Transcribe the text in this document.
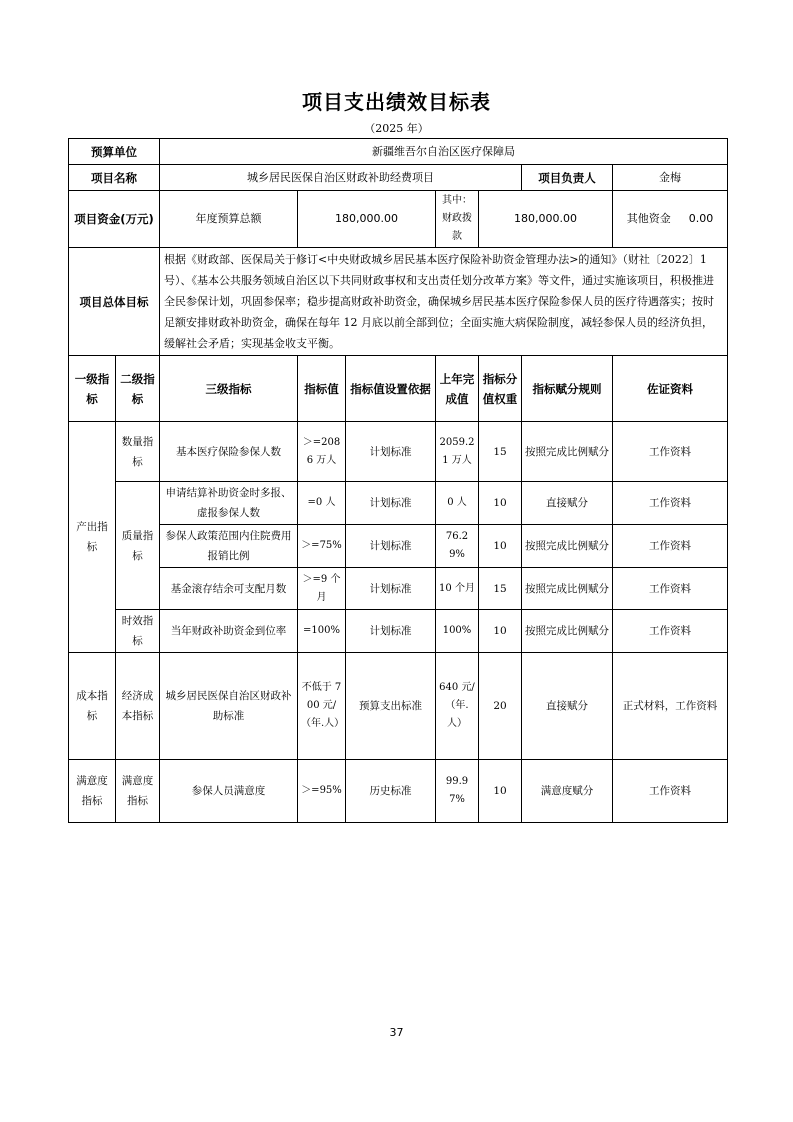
项目支出绩效目标表
（2025 年）
预算单位		新疆维吾尔自治区医疗保障局						
项目名称		城乡居民医保自治区财政补助经费项目					项目负责人	金梅
项目资金(万元)		年度预算总额	180,000.00		其中：财政拨款	180,000.00		其他资金 0.00
项目总体目标		根据《财政部、医保局关于修订<中央财政城乡居民基本医疗保险补助资金管理办法>的通知》（财社〔2022〕1 号）、《基本公共服务领域自治区以下共同财政事权和支出责任划分改革方案》等文件，通过实施该项目，积极推进全民参保计划，巩固参保率；稳步提高财政补助资金，确保城乡居民基本医疗保险参保人员的医疗待遇落实；按时足额安排财政补助资金，确保在每年 12 月底以前全部到位；全面实施大病保险制度，减轻参保人员的经济负担，缓解社会矛盾；实现基金收支平衡。						
一级指标	二级指标	三级指标	指标值	指标值设置依据	上年完成值	指标分值权重	指标赋分规则	佐证资料
产出指标	数量指标	基本医疗保险参保人数	＞=2086 万人	计划标准	2059.21 万人	15	按照完成比例赋分	工作资料
	质量指标	申请结算补助资金时多报、虚报参保人数	=0 人	计划标准	0 人	10	直接赋分	工作资料
		参保人政策范围内住院费用报销比例	＞=75%	计划标准	76.29%	10	按照完成比例赋分	工作资料
		基金滚存结余可支配月数	＞=9 个月	计划标准	10 个月	15	按照完成比例赋分	工作资料
	时效指标	当年财政补助资金到位率	=100%	计划标准	100%	10	按照完成比例赋分	工作资料
成本指标	经济成本指标	城乡居民医保自治区财政补助标准	不低于 700 元/（年.人）	预算支出标准	640 元/（年.人）	20	直接赋分	正式材料，工作资料
满意度指标	满意度指标	参保人员满意度	＞=95%	历史标准	99.97%	10	满意度赋分	工作资料
37
